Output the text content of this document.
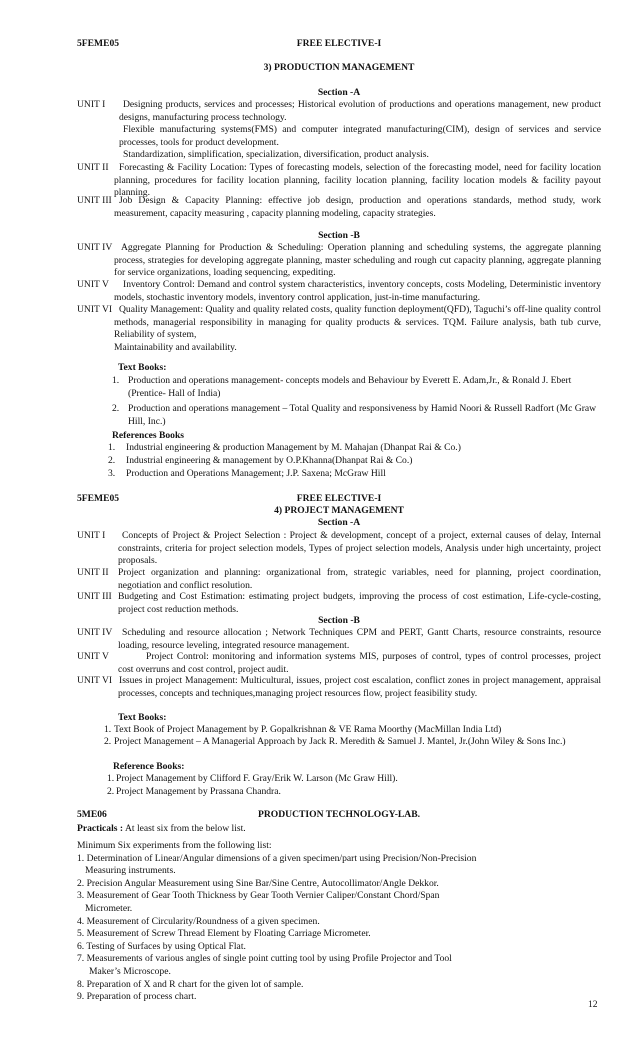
5FEME05	FREE ELECTIVE-I
3) PRODUCTION MANAGEMENT
Section -A
UNIT I	Designing products, services and processes; Historical evolution of productions and operations management, new product designs, manufacturing process technology.

Flexible manufacturing systems(FMS) and computer integrated manufacturing(CIM), design of services and service processes, tools for product development.

Standardization, simplification, specialization, diversification, product analysis.

UNIT II	Forecasting & Facility Location: Types of forecasting models, selection of the forecasting model, need for facility location planning, procedures for facility location planning, facility location planning, facility location models & facility payout planning.

UNIT III Job Design & Capacity Planning: effective job design, production and operations standards, method study, work measurement, capacity measuring , capacity planning modeling, capacity strategies.

Section -B
UNIT IV Aggregate Planning for Production & Scheduling: Operation planning and scheduling systems, the aggregate planning process, strategies for developing aggregate planning, master scheduling and rough cut capacity planning, aggregate planning for service organizations, loading sequencing, expediting.

UNIT V	Inventory Control: Demand and control system characteristics, inventory concepts, costs Modeling, Deterministic inventory models, stochastic inventory models, inventory control application, just-in-time manufacturing.

UNIT VI Quality Management: Quality and quality related costs, quality function deployment(QFD), Taguchi’s off-line quality control methods, managerial responsibility in managing for quality products & services. TQM. Failure analysis, bath tub curve, Reliability of system,

Maintainability and availability.

Text Books:
1. Production and operations management- concepts models and Behaviour by Everett E. Adam,Jr., & Ronald J. Ebert (Prentice- Hall of India)
2. Production and operations management – Total Quality and responsiveness by Hamid Noori & Russell Radfort (Mc Graw Hill, Inc.)
References Books
1. Industrial engineering & production Management by M. Mahajan (Dhanpat Rai & Co.)
2. Industrial engineering & management by O.P.Khanna(Dhanpat Rai & Co.)
3. Production and Operations Management; J.P. Saxena; McGraw Hill
5FEME05	FREE ELECTIVE-I
4) PROJECT MANAGEMENT
Section -A
UNIT I	Concepts of Project & Project Selection : Project & development, concept of a project, external causes of delay, Internal constraints, criteria for project selection models, Types of project selection models, Analysis under high uncertainty, project proposals.

UNIT II Project organization and planning: organizational from, strategic variables, need for planning, project coordination, negotiation and conflict resolution.

UNIT III Budgeting and Cost Estimation: estimating project budgets, improving the process of cost estimation, Life-cycle-costing, project cost reduction methods.

Section -B
UNIT IV	Scheduling and resource allocation ; Network Techniques CPM and PERT, Gantt Charts, resource constraints, resource loading, resource leveling, integrated resource management.

UNIT V	Project Control: monitoring and information systems MIS, purposes of control, types of control processes, project cost overruns and cost control, project audit.

UNIT VI Issues in project Management: Multicultural, issues, project cost escalation, conflict zones in project management, appraisal processes, concepts and techniques,managing project resources flow, project feasibility study.

Text Books:
1. Text Book of Project Management by P. Gopalkrishnan & VE Rama Moorthy (MacMillan India Ltd)
2. Project Management – A Managerial Approach by Jack R. Meredith & Samuel J. Mantel, Jr.(John Wiley & Sons Inc.)
Reference Books:
1. Project Management by Clifford F. Gray/Erik W. Larson (Mc Graw Hill).
2. Project Management by Prassana Chandra.
5ME06	PRODUCTION TECHNOLOGY-LAB.
Practicals : At least six from the below list.

Minimum Six experiments from the following list:

1. Determination of Linear/Angular dimensions of a given specimen/part using Precision/Non-Precision

Measuring instruments.

2. Precision Angular Measurement using Sine Bar/Sine Centre, Autocollimator/Angle Dekkor.

3. Measurement of Gear Tooth Thickness by Gear Tooth Vernier Caliper/Constant Chord/Span

Micrometer.

4. Measurement of Circularity/Roundness of a given specimen.

5. Measurement of Screw Thread Element by Floating Carriage Micrometer.

6. Testing of Surfaces by using Optical Flat.

7. Measurements of various angles of single point cutting tool by using Profile Projector and Tool

Maker’s Microscope.

8. Preparation of X and R chart for the given lot of sample.

9. Preparation of process chart.

12
